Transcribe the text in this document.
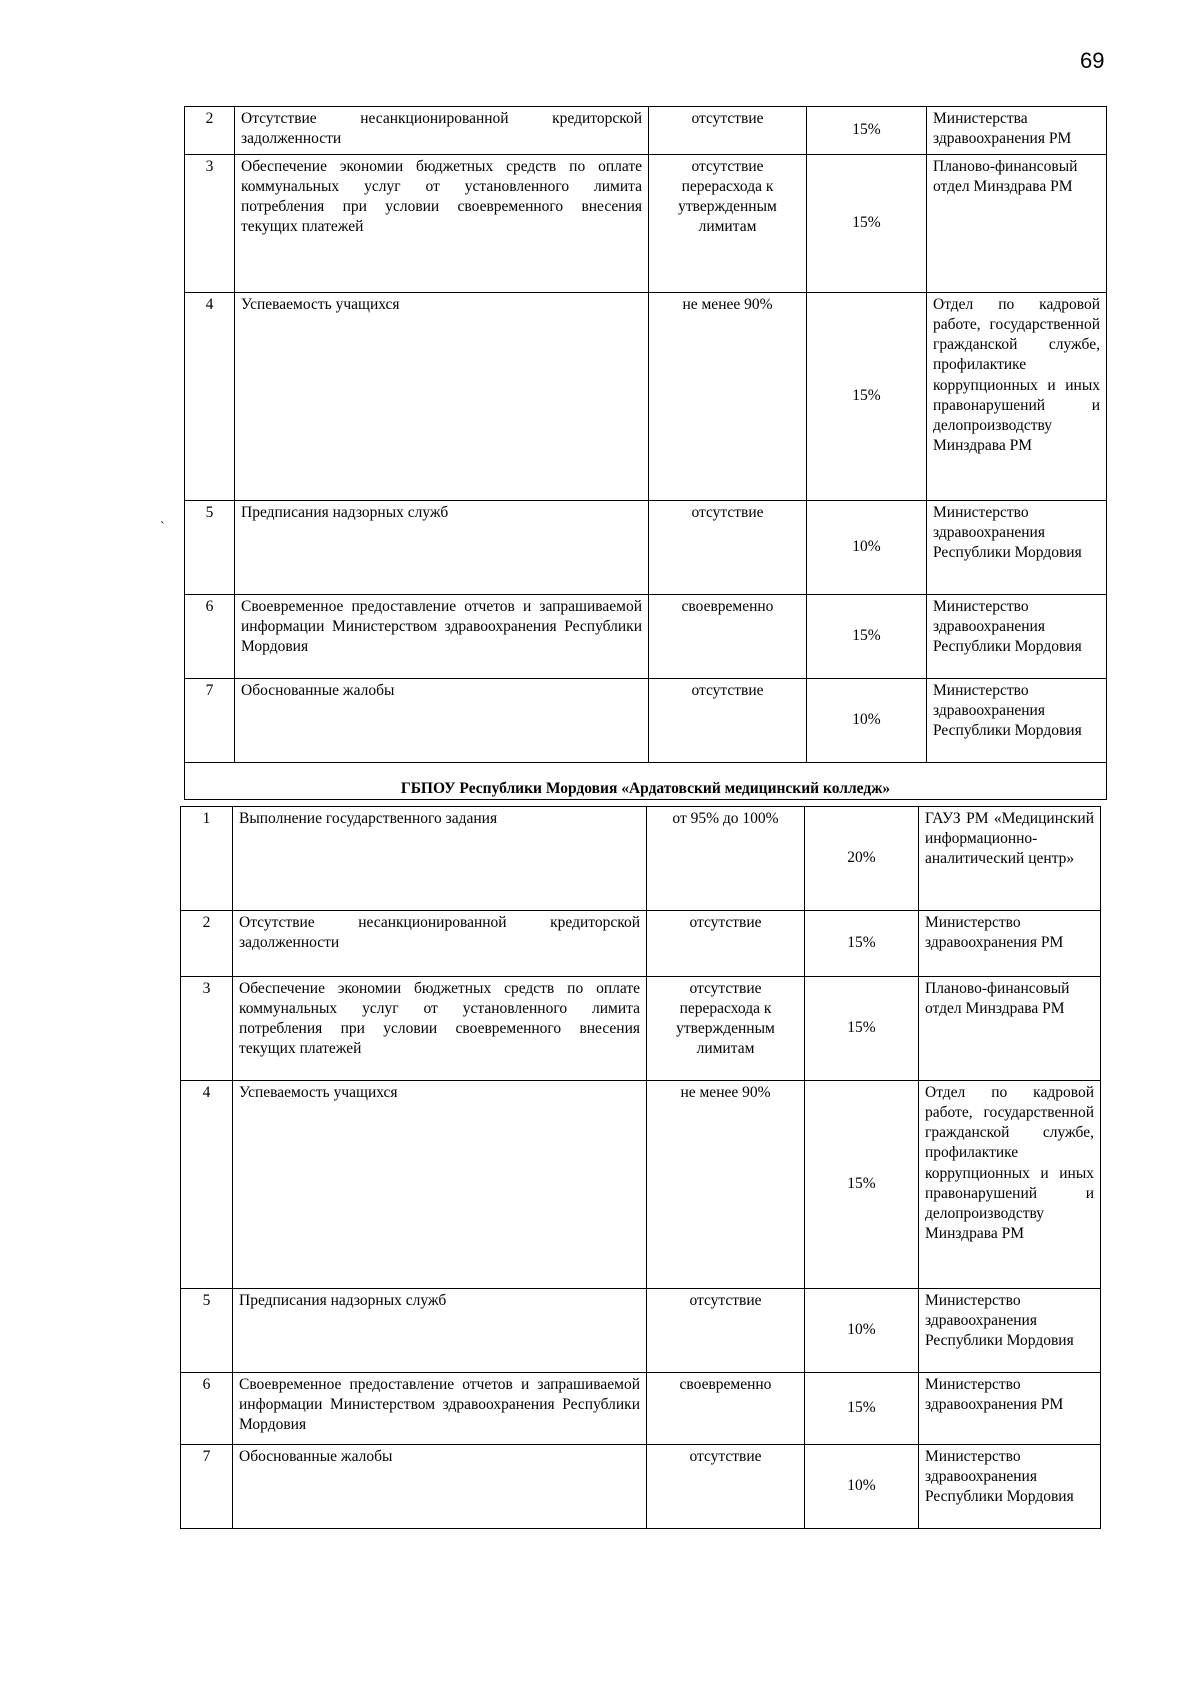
69
`
2	Отсутствие несанкционированной кредиторской задолженности	отсутствие	15%	Министерства здравоохранения РМ
3	Обеспечение экономии бюджетных средств по оплате коммунальных услуг от установленного лимита потребления при условии своевременного внесения текущих платежей	отсутствие перерасхода к утвержденным лимитам	15%	Планово-финансовый отдел Минздрава РМ
4	Успеваемость учащихся	не менее 90%	15%	Отдел по кадровой работе, государственной гражданской службе, профилактике коррупционных и иных правонарушений и делопроизводству Минздрава РМ
5	Предписания надзорных служб	отсутствие	10%	Министерство здравоохранения Республики Мордовия
6	Своевременное предоставление отчетов и запрашиваемой информации Министерством здравоохранения Республики Мордовия	своевременно	15%	Министерство здравоохранения Республики Мордовия
7	Обоснованные жалобы	отсутствие	10%	Министерство здравоохранения Республики Мордовия
ГБПОУ Республики Мордовия «Ардатовский медицинский колледж»				
1	Выполнение государственного задания	от 95% до 100%	20%	ГАУЗ РМ «Медицинский информационно-аналитический центр»
2	Отсутствие несанкционированной кредиторской задолженности	отсутствие	15%	Министерство здравоохранения РМ
3	Обеспечение экономии бюджетных средств по оплате коммунальных услуг от установленного лимита потребления при условии своевременного внесения текущих платежей	отсутствие перерасхода к утвержденным лимитам	15%	Планово-финансовый отдел Минздрава РМ
4	Успеваемость учащихся	не менее 90%	15%	Отдел по кадровой работе, государственной гражданской службе, профилактике коррупционных и иных правонарушений и делопроизводству Минздрава РМ
5	Предписания надзорных служб	отсутствие	10%	Министерство здравоохранения Республики Мордовия
6	Своевременное предоставление отчетов и запрашиваемой информации Министерством здравоохранения Республики Мордовия	своевременно	15%	Министерство здравоохранения РМ
7	Обоснованные жалобы	отсутствие	10%	Министерство здравоохранения Республики Мордовия
